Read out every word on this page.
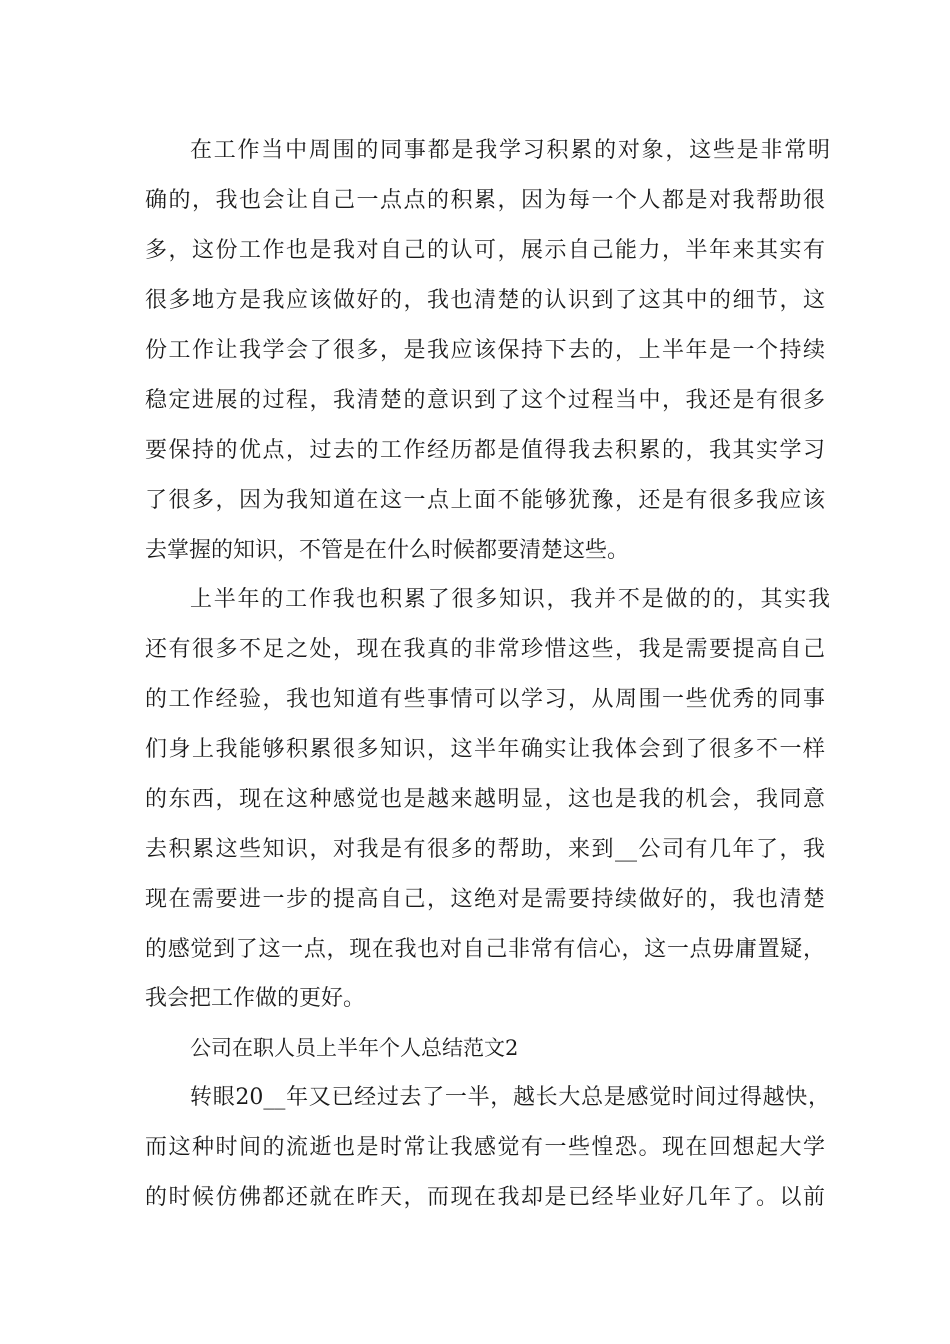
在工作当中周围的同事都是我学习积累的对象，这些是非常明
确的，我也会让自己一点点的积累，因为每一个人都是对我帮助很
多，这份工作也是我对自己的认可，展示自己能力，半年来其实有
很多地方是我应该做好的，我也清楚的认识到了这其中的细节，这
份工作让我学会了很多，是我应该保持下去的，上半年是一个持续
稳定进展的过程，我清楚的意识到了这个过程当中，我还是有很多
要保持的优点，过去的工作经历都是值得我去积累的，我其实学习
了很多，因为我知道在这一点上面不能够犹豫，还是有很多我应该
去掌握的知识，不管是在什么时候都要清楚这些。
上半年的工作我也积累了很多知识，我并不是做的的，其实我
还有很多不足之处，现在我真的非常珍惜这些，我是需要提高自己
的工作经验，我也知道有些事情可以学习，从周围一些优秀的同事
们身上我能够积累很多知识，这半年确实让我体会到了很多不一样
的东西，现在这种感觉也是越来越明显，这也是我的机会，我同意
去积累这些知识，对我是有很多的帮助，来到__公司有几年了，我
现在需要进一步的提高自己，这绝对是需要持续做好的，我也清楚
的感觉到了这一点，现在我也对自己非常有信心，这一点毋庸置疑，
我会把工作做的更好。
公司在职人员上半年个人总结范文2
转眼20__年又已经过去了一半，越长大总是感觉时间过得越快，
而这种时间的流逝也是时常让我感觉有一些惶恐。现在回想起大学
的时候仿佛都还就在昨天，而现在我却是已经毕业好几年了。以前
